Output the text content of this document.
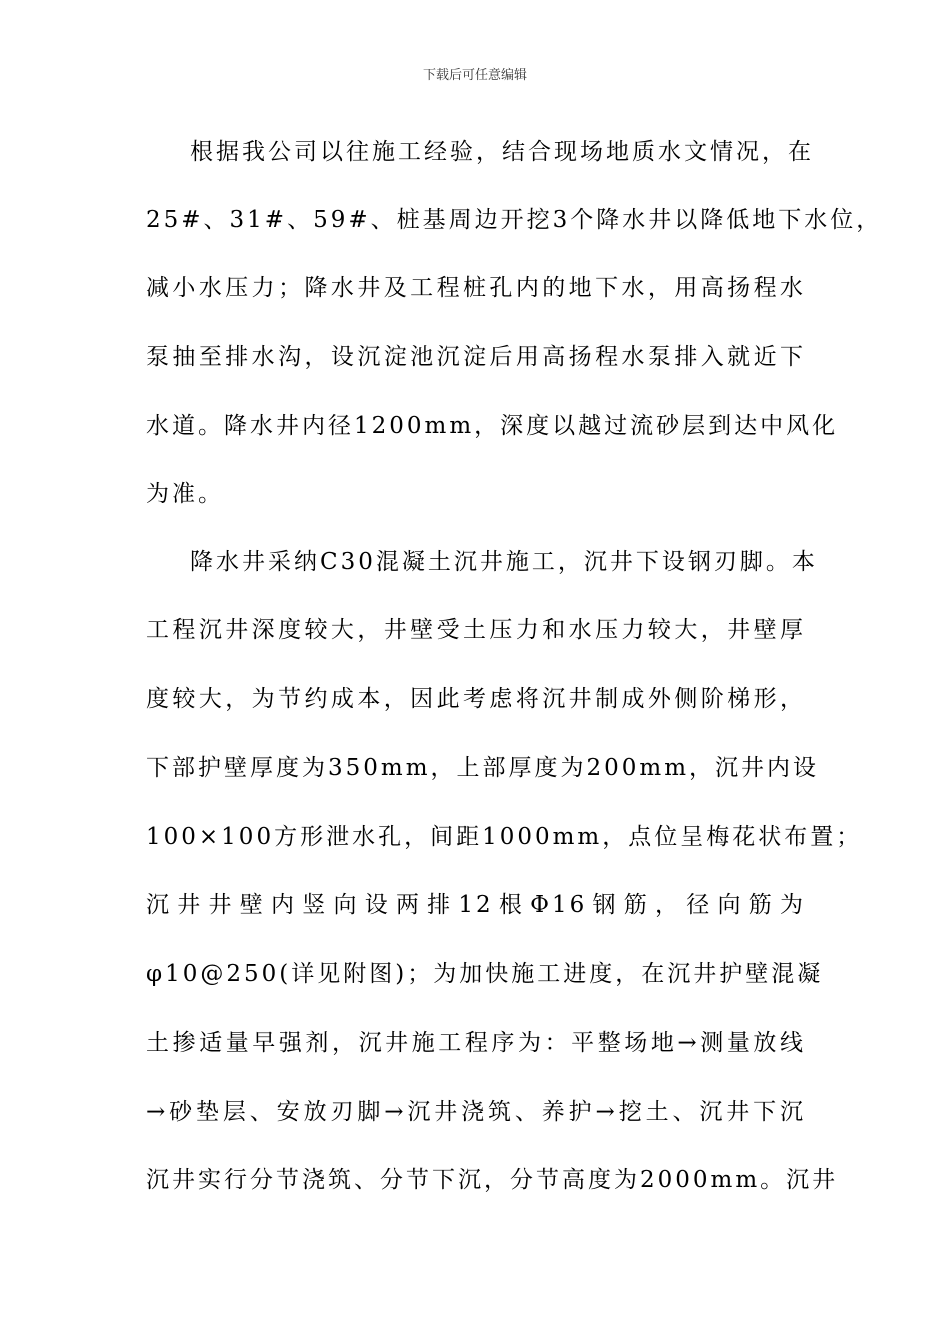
下载后可任意编辑
根据我公司以往施工经验，结合现场地质水文情况，在
25#、31#、59#、桩基周边开挖3个降水井以降低地下水位，
减小水压力；降水井及工程桩孔内的地下水，用高扬程水
泵抽至排水沟，设沉淀池沉淀后用高扬程水泵排入就近下
水道。降水井内径1200mm，深度以越过流砂层到达中风化
为准。
降水井采纳C30混凝土沉井施工，沉井下设钢刃脚。本
工程沉井深度较大，井壁受土压力和水压力较大，井壁厚
度较大，为节约成本，因此考虑将沉井制成外侧阶梯形，
下部护壁厚度为350mm，上部厚度为200mm，沉井内设
100×100方形泄水孔，间距1000mm，点位呈梅花状布置；
沉井井壁内竖向设两排12根Φ16钢筋，径向筋为
φ10@250(详见附图)；为加快施工进度，在沉井护壁混凝
土掺适量早强剂，沉井施工程序为：平整场地→测量放线
→砂垫层、安放刃脚→沉井浇筑、养护→挖土、沉井下沉
沉井实行分节浇筑、分节下沉，分节高度为2000mm。沉井
